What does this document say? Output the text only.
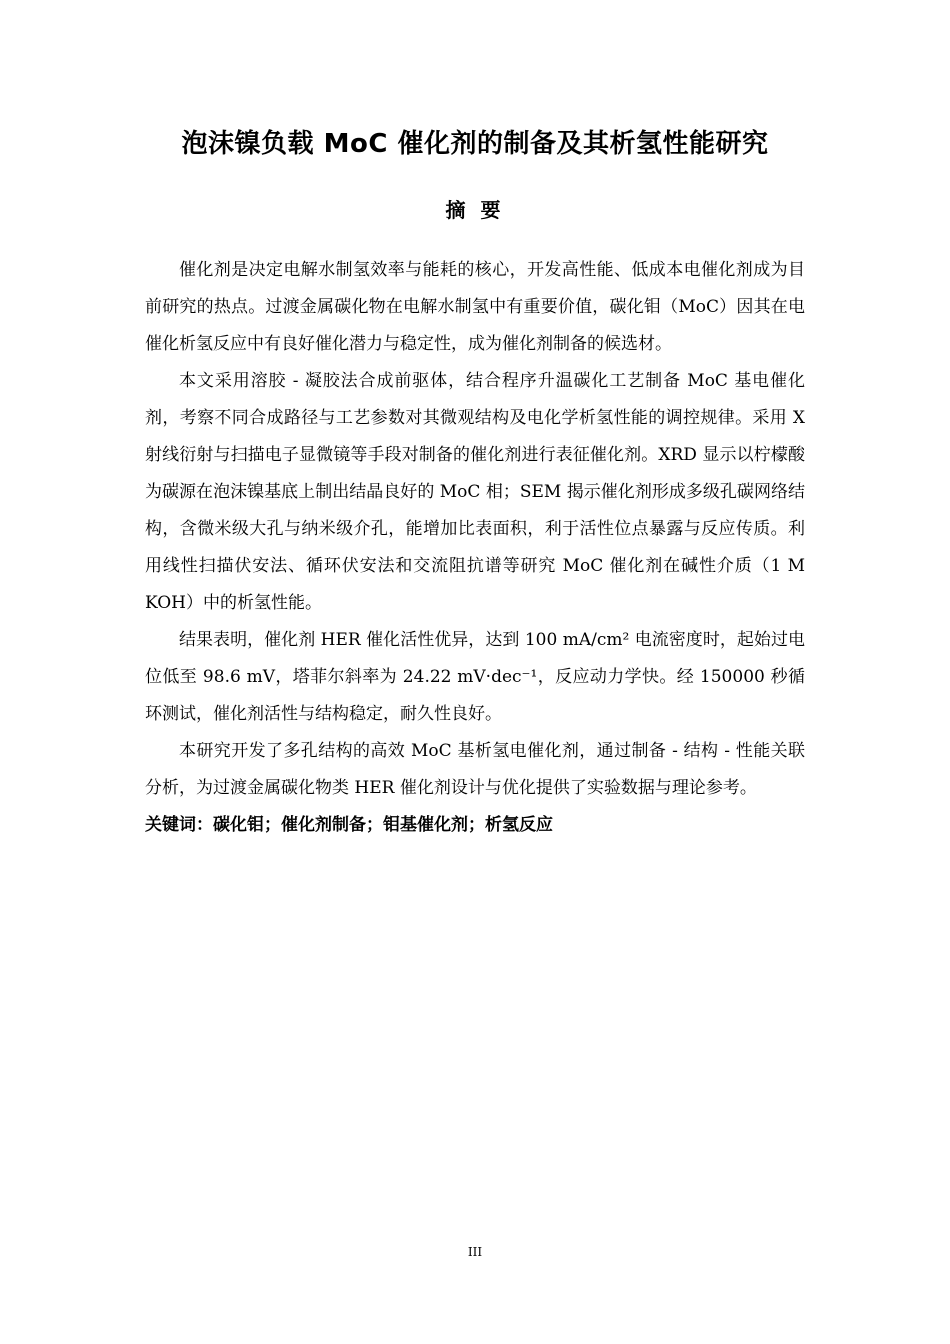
泡沫镍负载 MoC 催化剂的制备及其析氢性能研究
摘 要

催化剂是决定电解水制氢效率与能耗的核心，开发高性能、低成本电催化剂成为目前研究的热点。过渡金属碳化物在电解水制氢中有重要价值，碳化钼（MoC）因其在电催化析氢反应中有良好催化潜力与稳定性，成为催化剂制备的候选材。

本文采用溶胶 - 凝胶法合成前驱体，结合程序升温碳化工艺制备 MoC 基电催化剂，考察不同合成路径与工艺参数对其微观结构及电化学析氢性能的调控规律。采用 X 射线衍射与扫描电子显微镜等手段对制备的催化剂进行表征催化剂。XRD 显示以柠檬酸为碳源在泡沫镍基底上制出结晶良好的 MoC 相；SEM 揭示催化剂形成多级孔碳网络结构，含微米级大孔与纳米级介孔，能增加比表面积，利于活性位点暴露与反应传质。利用线性扫描伏安法、循环伏安法和交流阻抗谱等研究 MoC 催化剂在碱性介质（1 M KOH）中的析氢性能。

结果表明，催化剂 HER 催化活性优异，达到 100 mA/cm² 电流密度时，起始过电位低至 98.6 mV，塔菲尔斜率为 24.22 mV·dec⁻¹，反应动力学快。经 150000 秒循环测试，催化剂活性与结构稳定，耐久性良好。

本研究开发了多孔结构的高效 MoC 基析氢电催化剂，通过制备 - 结构 - 性能关联分析，为过渡金属碳化物类 HER 催化剂设计与优化提供了实验数据与理论参考。

关键词：碳化钼；催化剂制备；钼基催化剂；析氢反应

III
